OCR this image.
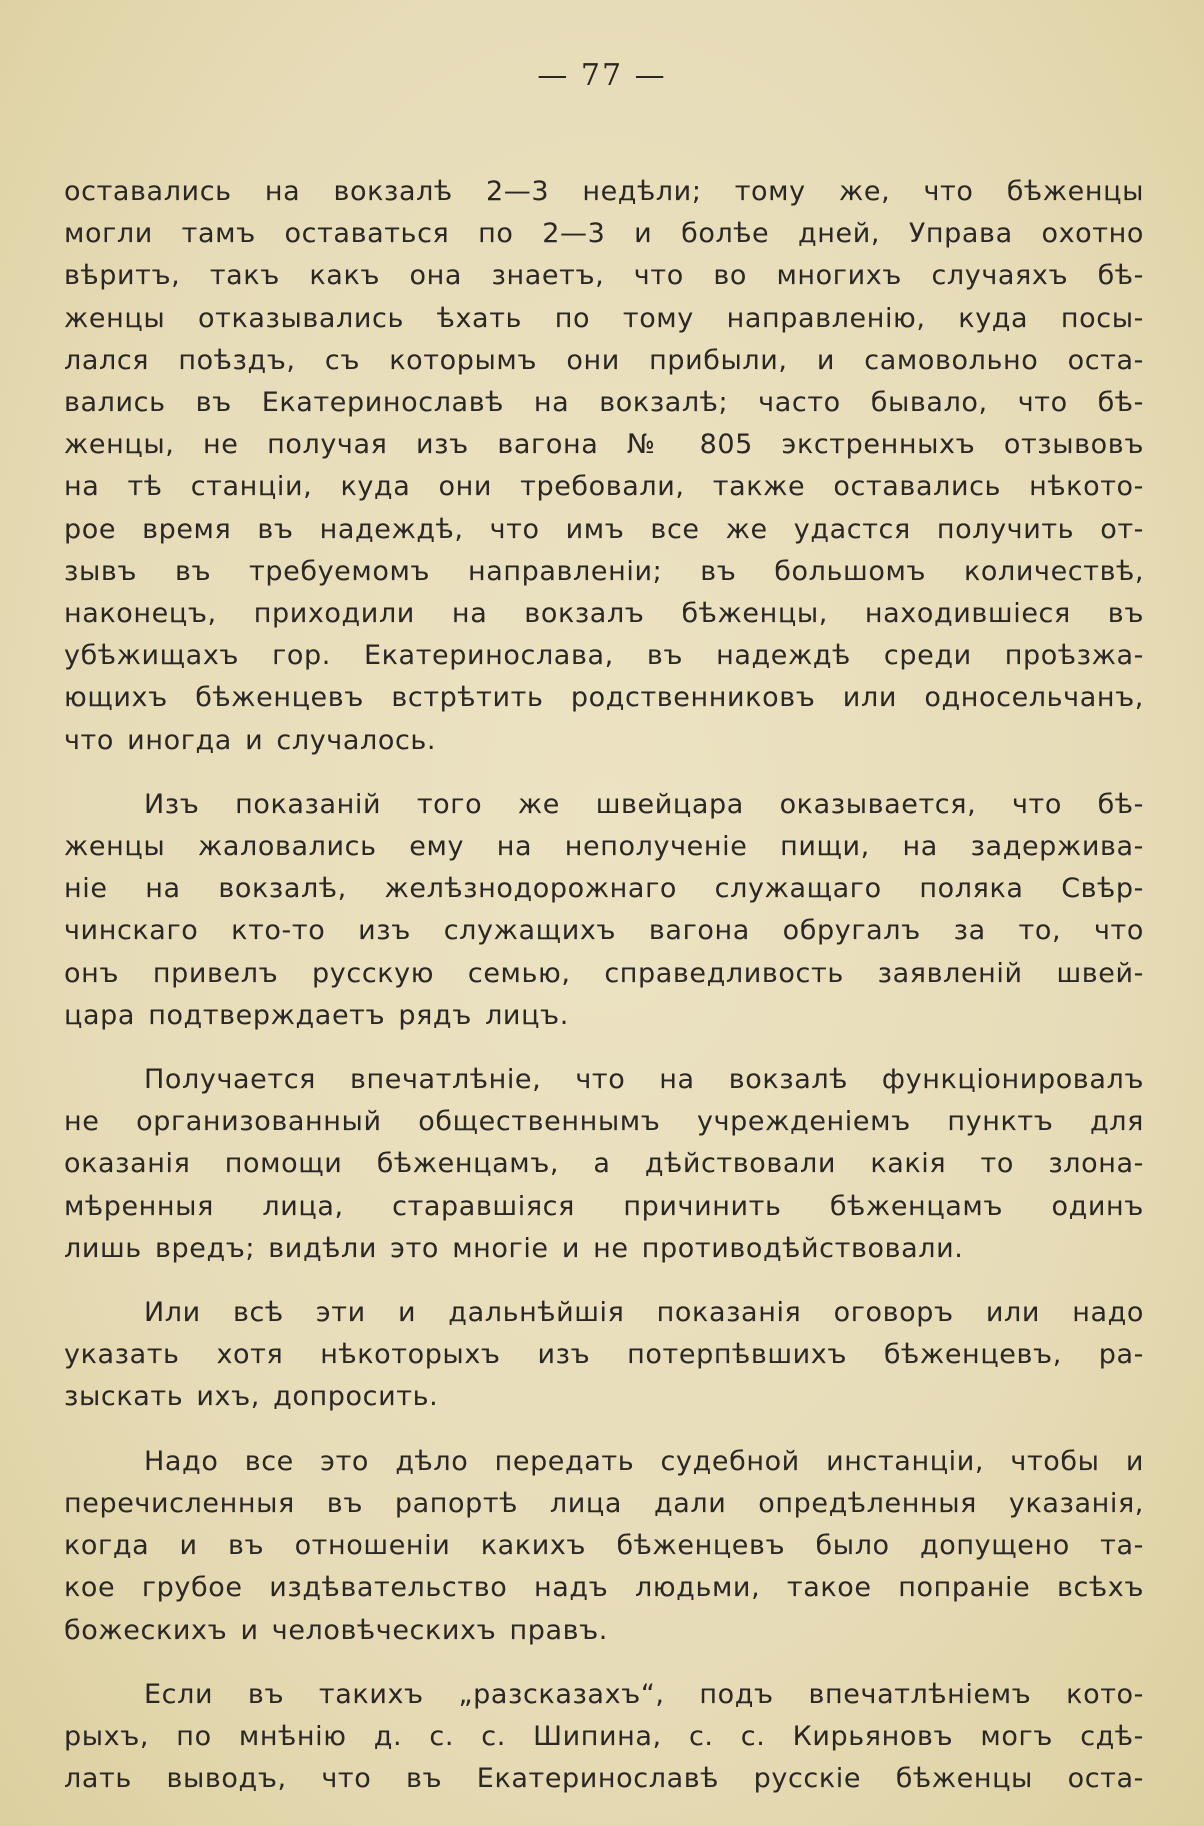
— 77 —
оставались на вокзалѣ 2—3 недѣли; тому же, что бѣженцы
могли тамъ оставаться по 2—3 и болѣе дней, Управа охотно
вѣритъ, такъ какъ она знаетъ, что во многихъ случаяхъ бѣ-
женцы отказывались ѣхать по тому направленію, куда посы-
лался поѣздъ, съ которымъ они прибыли, и самовольно оста-
вались въ Екатеринославѣ на вокзалѣ; часто бывало, что бѣ-
женцы, не получая изъ вагона № 805 экстренныхъ отзывовъ
на тѣ станціи, куда они требовали, также оставались нѣкото-
рое время въ надеждѣ, что имъ все же удастся получить от-
зывъ въ требуемомъ направленіи; въ большомъ количествѣ,
наконецъ, приходили на вокзалъ бѣженцы, находившіеся въ
убѣжищахъ гор. Екатеринослава, въ надеждѣ среди проѣзжа-
ющихъ бѣженцевъ встрѣтить родственниковъ или односельчанъ,
что иногда и случалось.
Изъ показаній того же швейцара оказывается, что бѣ-
женцы жаловались ему на неполученіе пищи, на задержива-
ніе на вокзалѣ, желѣзнодорожнаго служащаго поляка Свѣр-
чинскаго кто-то изъ служащихъ вагона обругалъ за то, что
онъ привелъ русскую семью, справедливость заявленій швей-
цара подтверждаетъ рядъ лицъ.
Получается впечатлѣніе, что на вокзалѣ функціонировалъ
не организованный общественнымъ учрежденіемъ пунктъ для
оказанія помощи бѣженцамъ, а дѣйствовали какія то злона-
мѣренныя лица, старавшіяся причинить бѣженцамъ одинъ
лишь вредъ; видѣли это многіе и не противодѣйствовали.
Или всѣ эти и дальнѣйшія показанія оговоръ или надо
указать хотя нѣкоторыхъ изъ потерпѣвшихъ бѣженцевъ, ра-
зыскать ихъ, допросить.
Надо все это дѣло передать судебной инстанціи, чтобы и
перечисленныя въ рапортѣ лица дали опредѣленныя указанія,
когда и въ отношеніи какихъ бѣженцевъ было допущено та-
кое грубое издѣвательство надъ людьми, такое попраніе всѣхъ
божескихъ и человѣческихъ правъ.
Если въ такихъ „разсказахъ“, подъ впечатлѣніемъ кото-
рыхъ, по мнѣнію д. с. с. Шипина, с. с. Кирьяновъ могъ сдѣ-
лать выводъ, что въ Екатеринославѣ русскіе бѣженцы оста-
